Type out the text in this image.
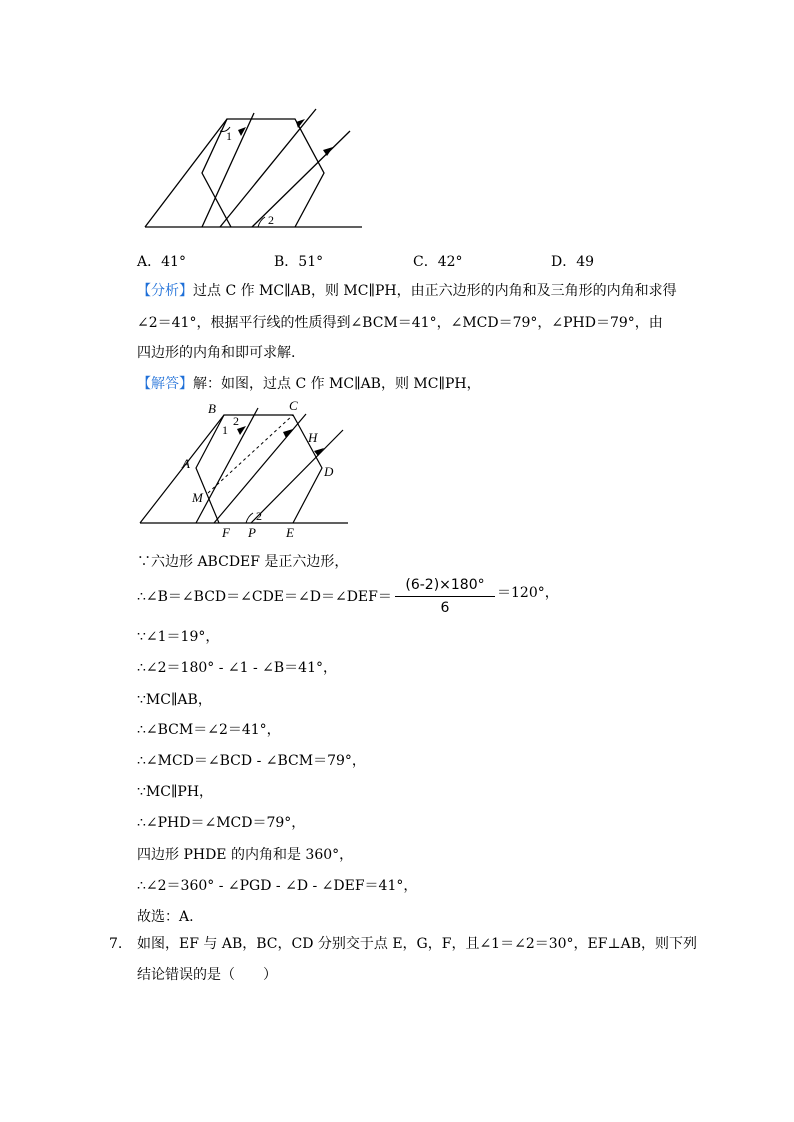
1
2
A．41°	B．51°	C．42°	D．49
【分析】过点 C 作 MC∥AB，则 MC∥PH，由正六边形的内角和及三角形的内角和求得
∠2＝41°，根据平行线的性质得到∠BCM＝41°，∠MCD＝79°，∠PHD＝79°，由
四边形的内角和即可求解.
【解答】解：如图，过点 C 作 MC∥AB，则 MC∥PH，
B	C
H
A
D
M
F P E
1
2
2
∵六边形 ABCDEF 是正六边形，
∴∠B＝∠BCD＝∠CDE＝∠D＝∠DEF＝ $\frac{(6-2)\times 180^\circ}{6} =120^\circ$，
∵∠1＝19°，
∴∠2＝180° - ∠1 - ∠B＝41°，
∵MC∥AB，
∴∠BCM＝∠2＝41°，
∴∠MCD＝∠BCD - ∠BCM＝79°，
∵MC∥PH，
∴∠PHD＝∠MCD＝79°，
四边形 PHDE 的内角和是 360°，
∴∠2＝360° - ∠PGD - ∠D - ∠DEF＝41°，
故选：A.
7. 如图，EF 与 AB，BC，CD 分别交于点 E，G，F，且∠1＝∠2＝30°，EF⊥AB，则下列
结论错误的是（　　）
